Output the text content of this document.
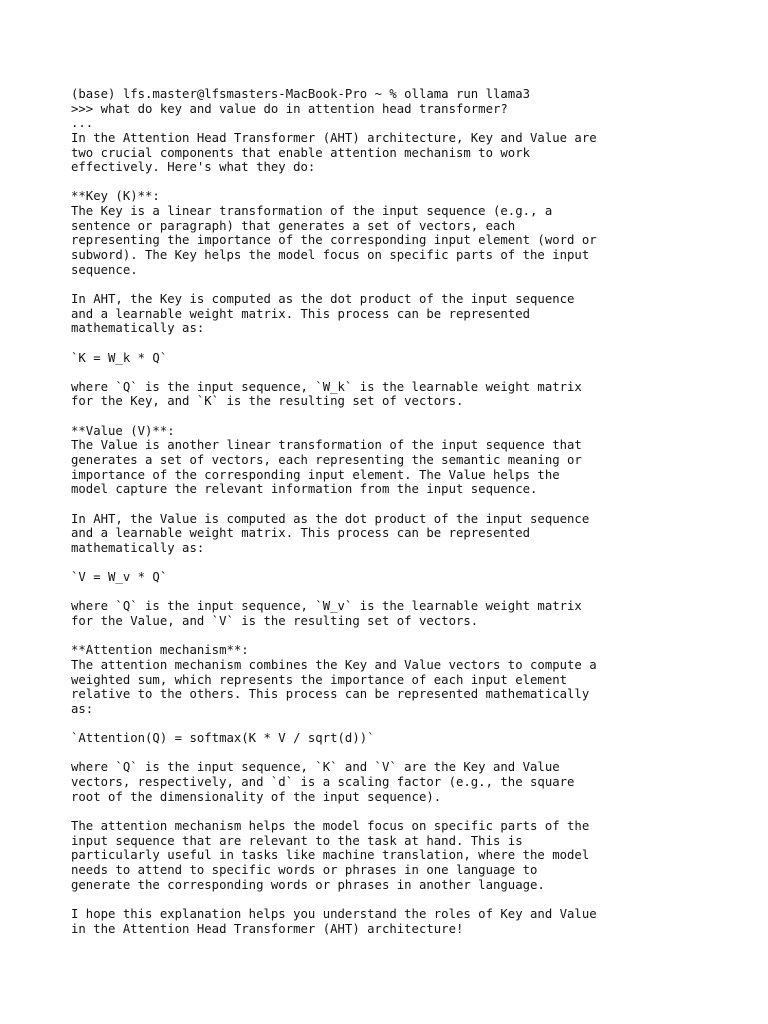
(base) lfs.master@lfsmasters-MacBook-Pro ~ % ollama run llama3
>>> what do key and value do in attention head transformer?
...
In the Attention Head Transformer (AHT) architecture, Key and Value are
two crucial components that enable attention mechanism to work
effectively. Here's what they do:
**Key (K)**:
The Key is a linear transformation of the input sequence (e.g., a
sentence or paragraph) that generates a set of vectors, each
representing the importance of the corresponding input element (word or
subword). The Key helps the model focus on specific parts of the input
sequence.
In AHT, the Key is computed as the dot product of the input sequence
and a learnable weight matrix. This process can be represented
mathematically as:
`K = W_k * Q`
where `Q` is the input sequence, `W_k` is the learnable weight matrix
for the Key, and `K` is the resulting set of vectors.
**Value (V)**:
The Value is another linear transformation of the input sequence that
generates a set of vectors, each representing the semantic meaning or
importance of the corresponding input element. The Value helps the
model capture the relevant information from the input sequence.
In AHT, the Value is computed as the dot product of the input sequence
and a learnable weight matrix. This process can be represented
mathematically as:
`V = W_v * Q`
where `Q` is the input sequence, `W_v` is the learnable weight matrix
for the Value, and `V` is the resulting set of vectors.
**Attention mechanism**:
The attention mechanism combines the Key and Value vectors to compute a
weighted sum, which represents the importance of each input element
relative to the others. This process can be represented mathematically
as:
`Attention(Q) = softmax(K * V / sqrt(d))`
where `Q` is the input sequence, `K` and `V` are the Key and Value
vectors, respectively, and `d` is a scaling factor (e.g., the square
root of the dimensionality of the input sequence).
The attention mechanism helps the model focus on specific parts of the
input sequence that are relevant to the task at hand. This is
particularly useful in tasks like machine translation, where the model
needs to attend to specific words or phrases in one language to
generate the corresponding words or phrases in another language.
I hope this explanation helps you understand the roles of Key and Value
in the Attention Head Transformer (AHT) architecture!
